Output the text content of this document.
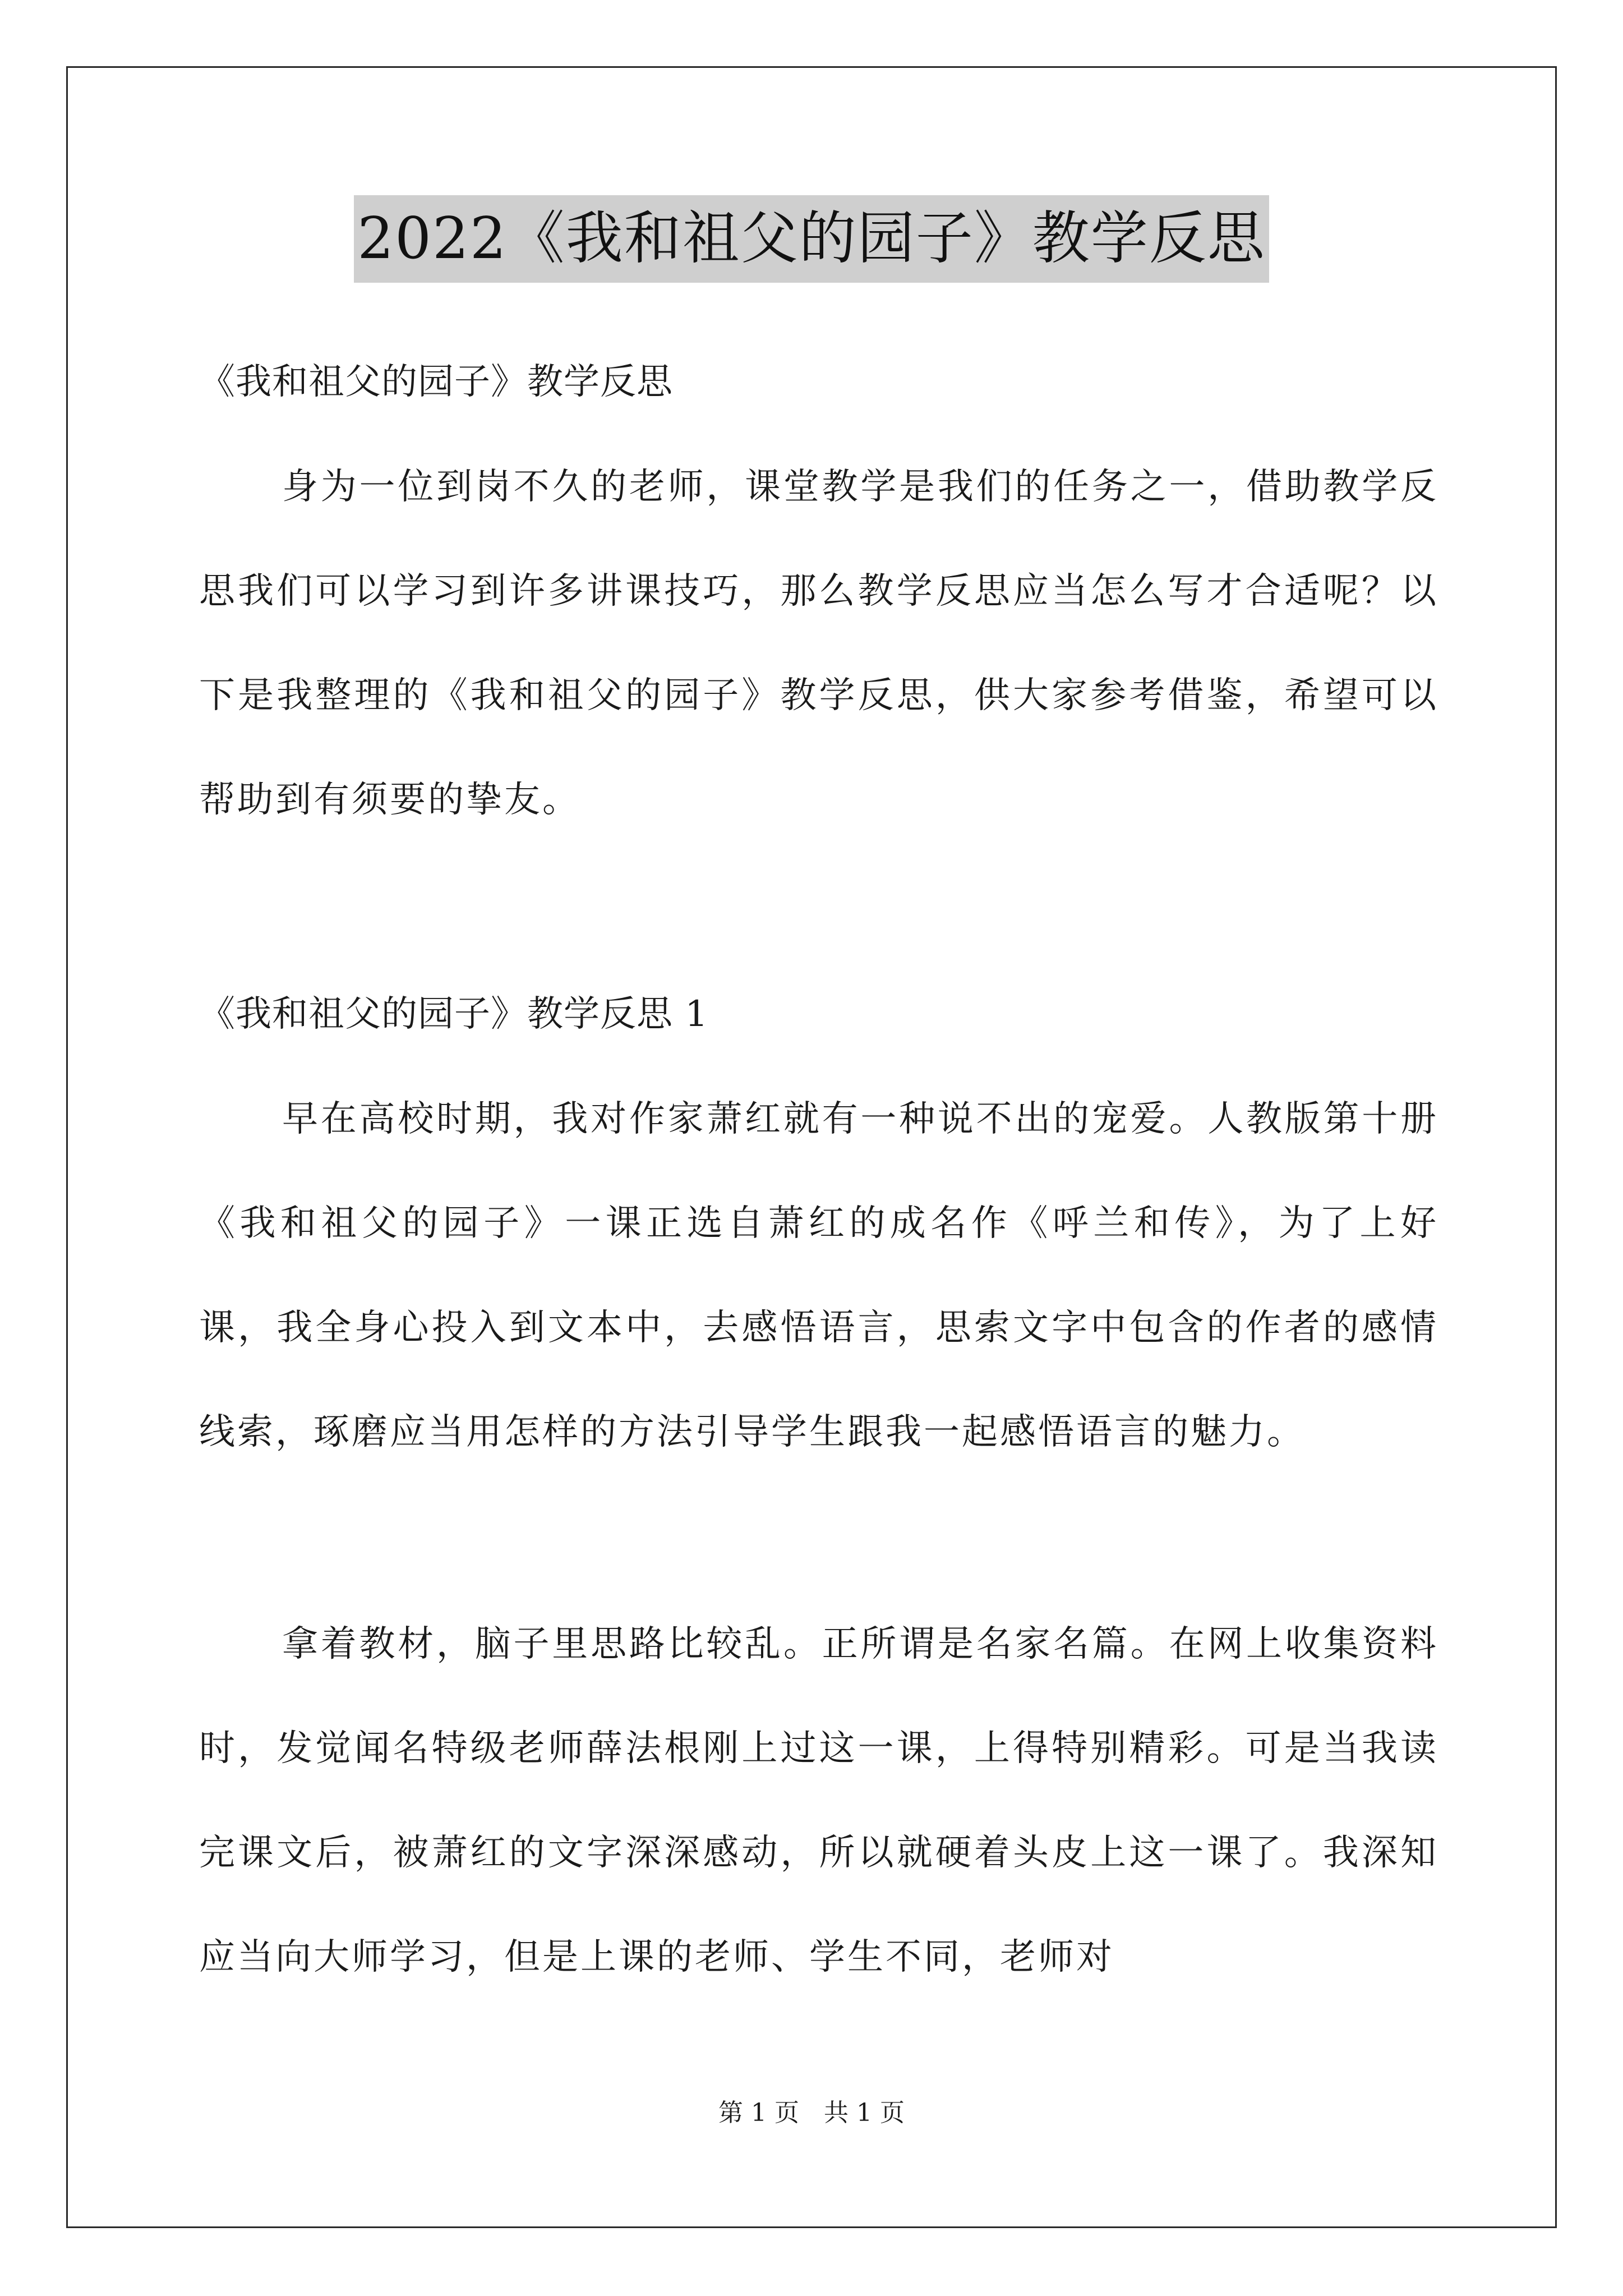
2022《我和祖父的园子》教学反思

《我和祖父的园子》教学反思

身为一位到岗不久的老师，课堂教学是我们的任务之一，借助教学反思我们可以学习到许多讲课技巧，那么教学反思应当怎么写才合适呢？以下是我整理的《我和祖父的园子》教学反思，供大家参考借鉴，希望可以帮助到有须要的挚友。

《我和祖父的园子》教学反思 1

早在高校时期，我对作家萧红就有一种说不出的宠爱。人教版第十册《我和祖父的园子》一课正选自萧红的成名作《呼兰和传》，为了上好课，我全身心投入到文本中，去感悟语言，思索文字中包含的作者的感情线索，琢磨应当用怎样的方法引导学生跟我一起感悟语言的魅力。

拿着教材，脑子里思路比较乱。正所谓是名家名篇。在网上收集资料时，发觉闻名特级老师薛法根刚上过这一课，上得特别精彩。可是当我读完课文后，被萧红的文字深深感动，所以就硬着头皮上这一课了。我深知应当向大师学习，但是上课的老师、学生不同，老师对

第 1 页　共 1 页
